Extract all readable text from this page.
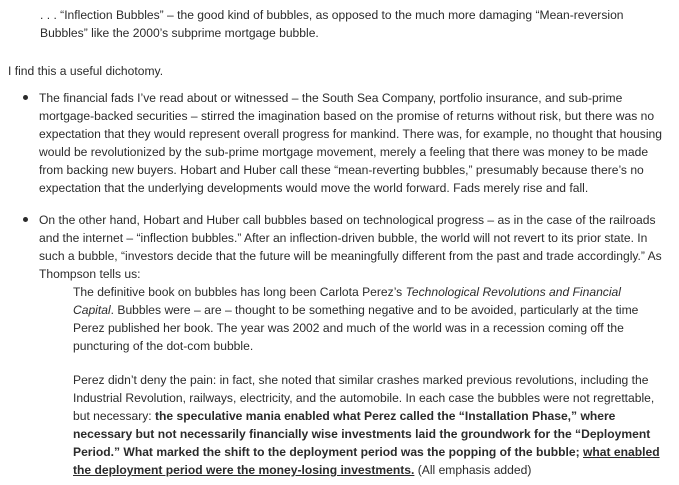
. . . “Inflection Bubbles” – the good kind of bubbles, as opposed to the much more damaging “Mean-reversion Bubbles” like the 2000’s subprime mortgage bubble.

I find this a useful dichotomy.

The financial fads I’ve read about or witnessed – the South Sea Company, portfolio insurance, and sub-prime mortgage-backed securities – stirred the imagination based on the promise of returns without risk, but there was no expectation that they would represent overall progress for mankind. There was, for example, no thought that housing would be revolutionized by the sub-prime mortgage movement, merely a feeling that there was money to be made from backing new buyers. Hobart and Huber call these “mean-reverting bubbles,” presumably because there’s no expectation that the underlying developments would move the world forward. Fads merely rise and fall.
On the other hand, Hobart and Huber call bubbles based on technological progress – as in the case of the railroads and the internet – “inflection bubbles.” After an inflection-driven bubble, the world will not revert to its prior state. In such a bubble, “investors decide that the future will be meaningfully different from the past and trade accordingly.” As Thompson tells us:

The definitive book on bubbles has long been Carlota Perez’s Technological Revolutions and Financial Capital. Bubbles were – are – thought to be something negative and to be avoided, particularly at the time Perez published her book. The year was 2002 and much of the world was in a recession coming off the puncturing of the dot-com bubble.

Perez didn’t deny the pain: in fact, she noted that similar crashes marked previous revolutions, including the Industrial Revolution, railways, electricity, and the automobile. In each case the bubbles were not regrettable, but necessary: the speculative mania enabled what Perez called the “Installation Phase,” where necessary but not necessarily financially wise investments laid the groundwork for the “Deployment Period.” What marked the shift to the deployment period was the popping of the bubble; what enabled the deployment period were the money-losing investments. (All emphasis added)
